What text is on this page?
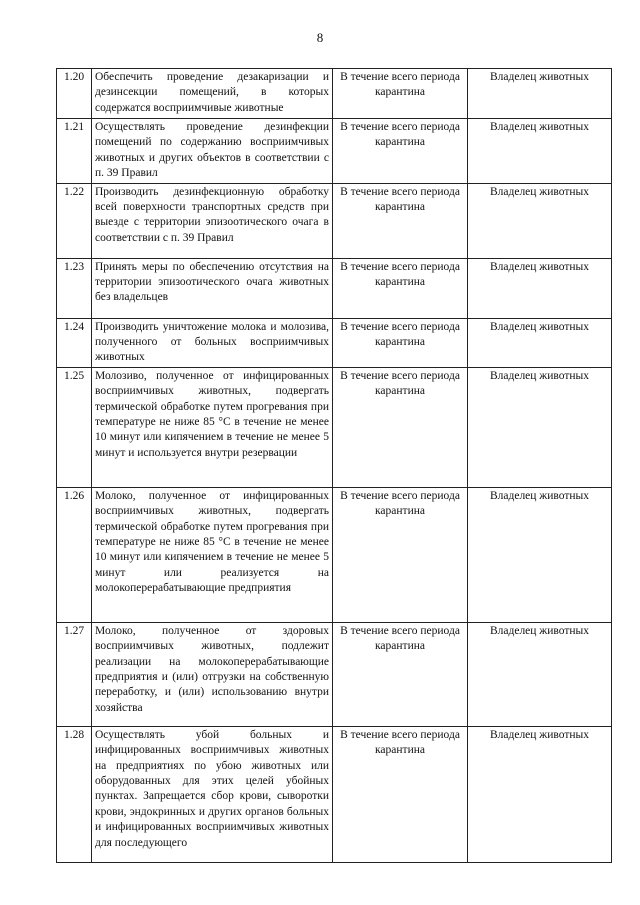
8
1.20	Обеспечить проведение дезакаризации и дезинсекции помещений, в которых содержатся восприимчивые животные	В течение всего периода карантина	Владелец животных
1.21	Осуществлять проведение дезинфекции помещений по содержанию восприимчивых животных и других объектов в соответствии с п. 39 Правил	В течение всего периода карантина	Владелец животных
1.22	Производить дезинфекционную обработку всей поверхности транспортных средств при выезде с территории эпизоотического очага в соответствии с п. 39 Правил	В течение всего периода карантина	Владелец животных
1.23	Принять меры по обеспечению отсутствия на территории эпизоотического очага животных без владельцев	В течение всего периода карантина	Владелец животных
1.24	Производить уничтожение молока и молозива, полученного от больных восприимчивых животных	В течение всего периода карантина	Владелец животных
1.25	Молозиво, полученное от инфицированных восприимчивых животных, подвергать термической обработке путем прогревания при температуре не ниже 85 °С в течение не менее 10 минут или кипячением в течение не менее 5 минут и используется внутри резервации	В течение всего периода карантина	Владелец животных
1.26	Молоко, полученное от инфицированных восприимчивых животных, подвергать термической обработке путем прогревания при температуре не ниже 85 °С в течение не менее 10 минут или кипячением в течение не менее 5 минут или реализуется на молокоперерабатывающие предприятия	В течение всего периода карантина	Владелец животных
1.27	Молоко, полученное от здоровых восприимчивых животных, подлежит реализации на молокоперерабатывающие предприятия и (или) отгрузки на собственную переработку, и (или) использованию внутри хозяйства	В течение всего периода карантина	Владелец животных
1.28	Осуществлять убой больных и инфицированных восприимчивых животных на предприятиях по убою животных или оборудованных для этих целей убойных пунктах. Запрещается сбор крови, сыворотки крови, эндокринных и других органов больных и инфицированных восприимчивых животных для последующего	В течение всего периода карантина	Владелец животных
